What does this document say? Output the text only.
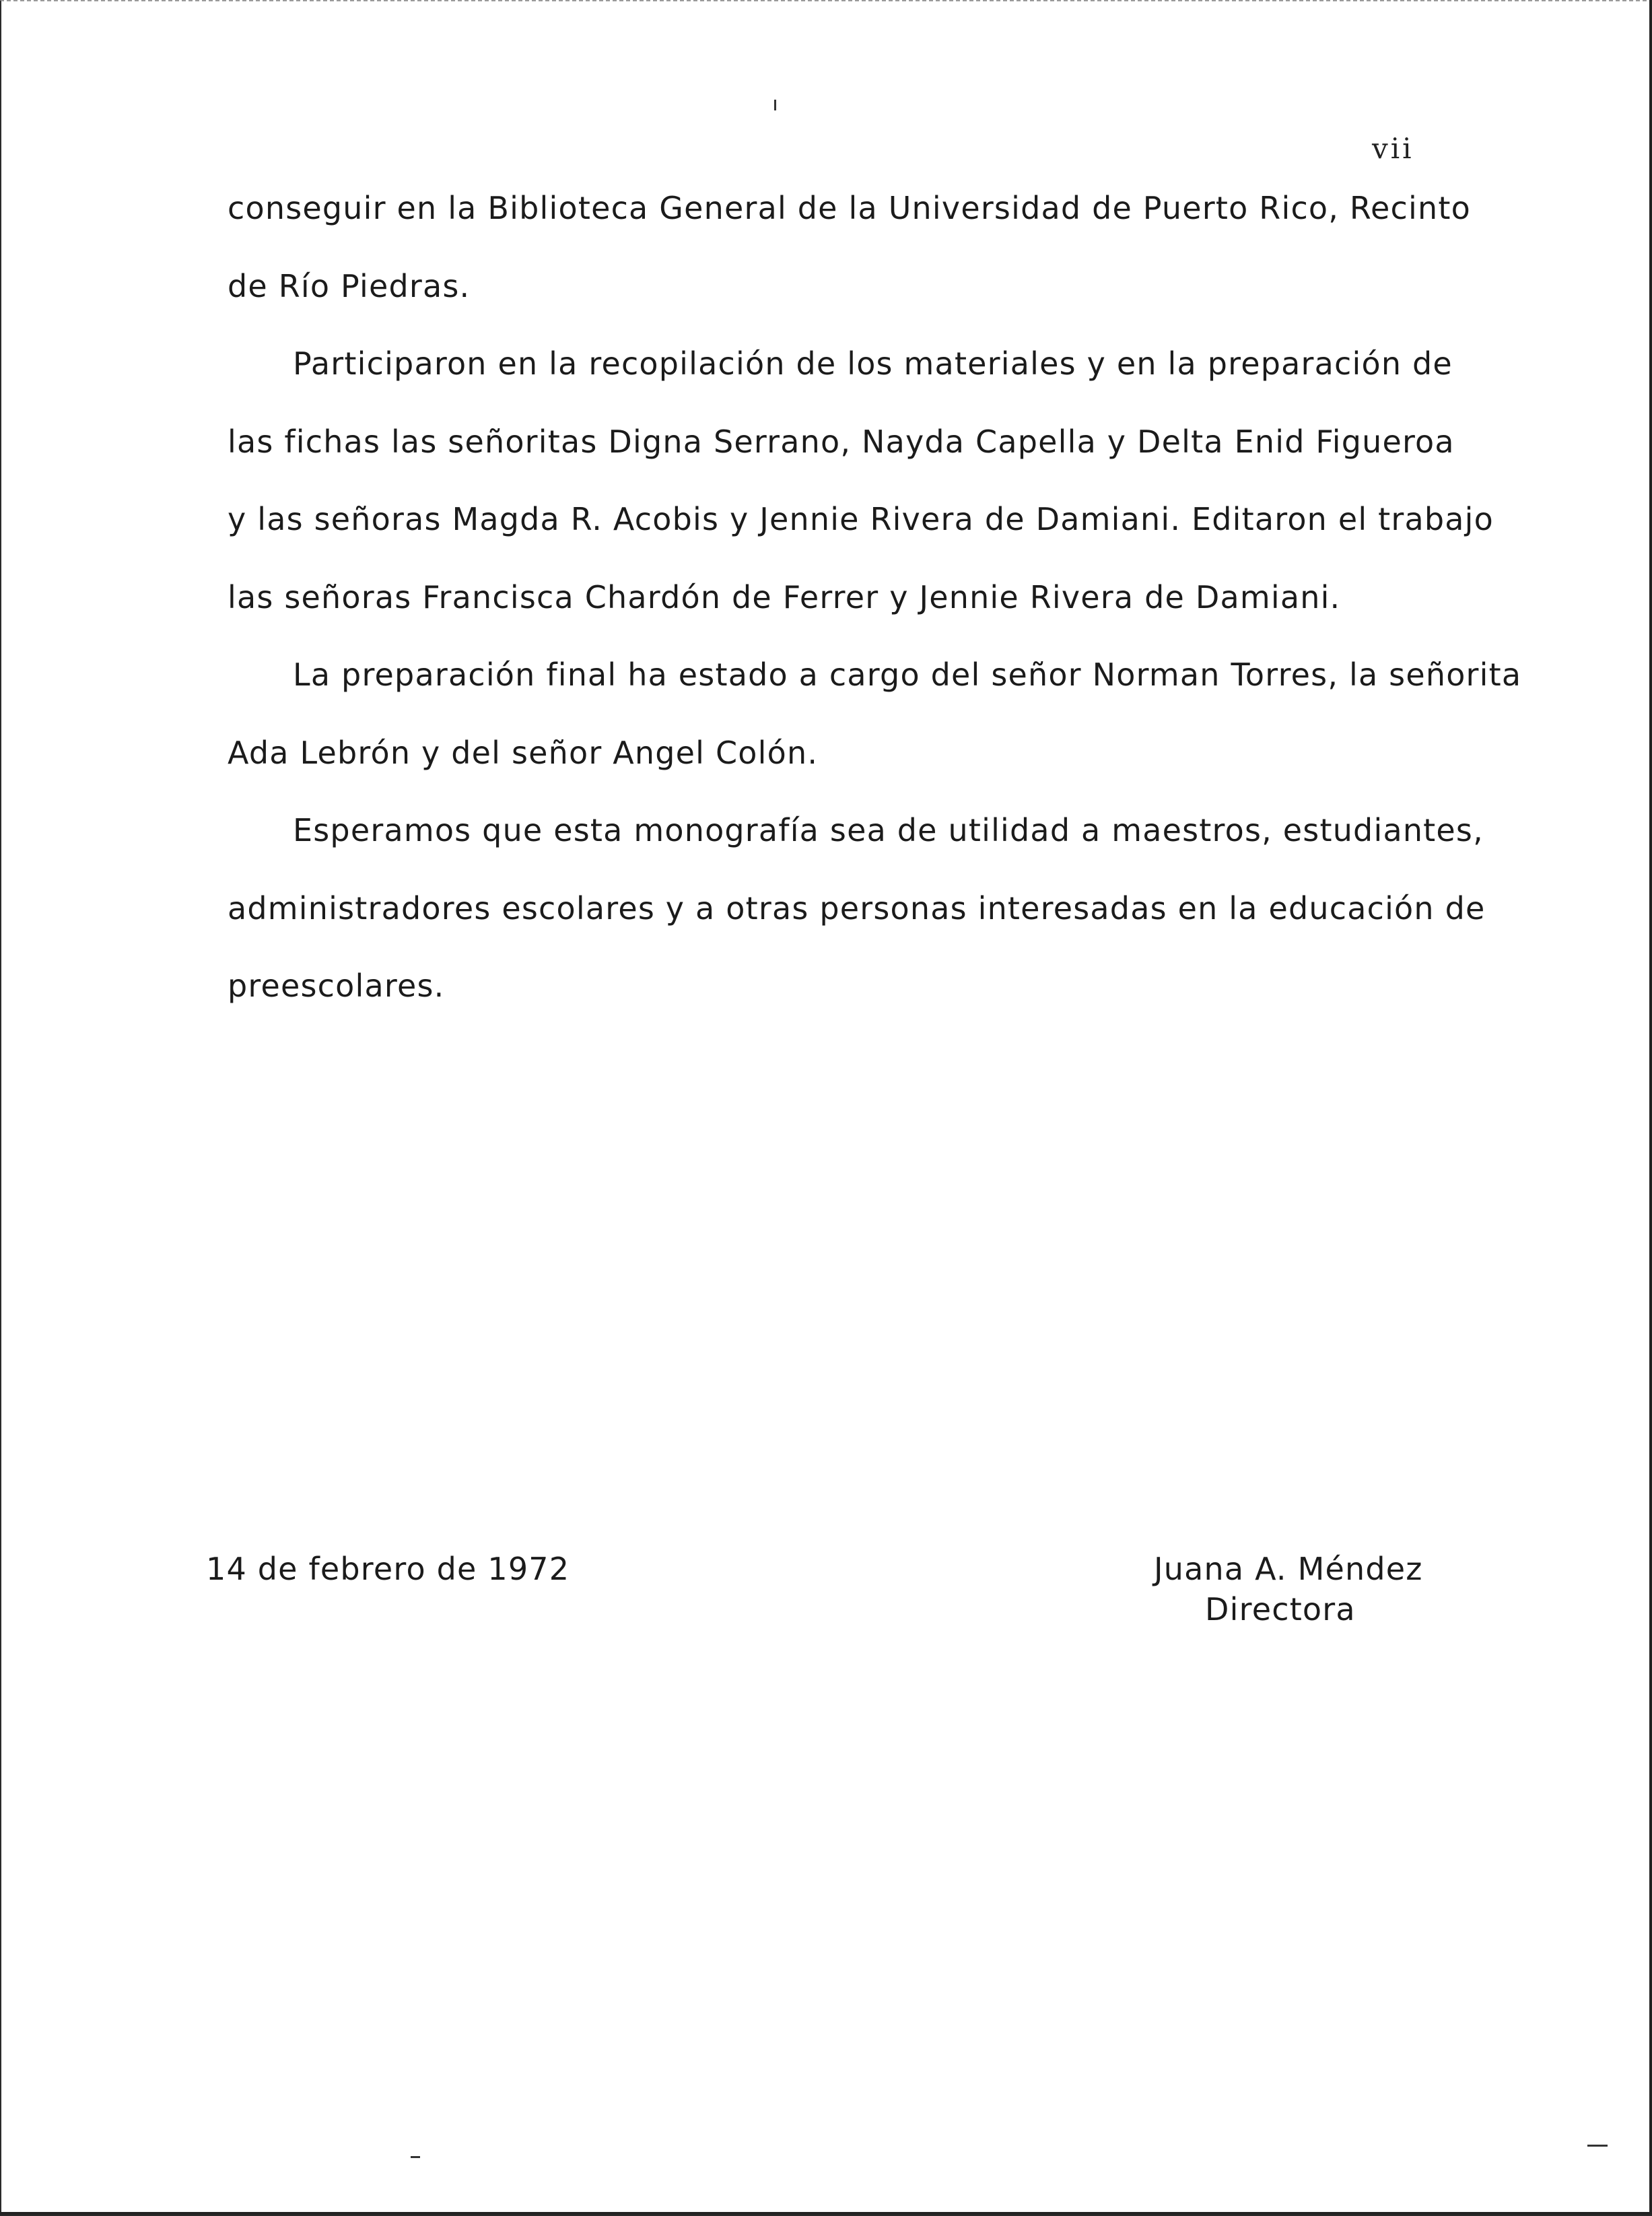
vii
conseguir en la Biblioteca General de la Universidad de Puerto Rico, Recinto
de Río Piedras.
Participaron en la recopilación de los materiales y en la preparación de
las fichas las señoritas Digna Serrano, Nayda Capella y Delta Enid Figueroa
y las señoras Magda R. Acobis y Jennie Rivera de Damiani. Editaron el trabajo
las señoras Francisca Chardón de Ferrer y Jennie Rivera de Damiani.
La preparación final ha estado a cargo del señor Norman Torres, la señorita
Ada Lebrón y del señor Angel Colón.
Esperamos que esta monografía sea de utilidad a maestros, estudiantes,
administradores escolares y a otras personas interesadas en la educación de
preescolares.
14 de febrero de 1972	Juana A. Méndez
Directora
